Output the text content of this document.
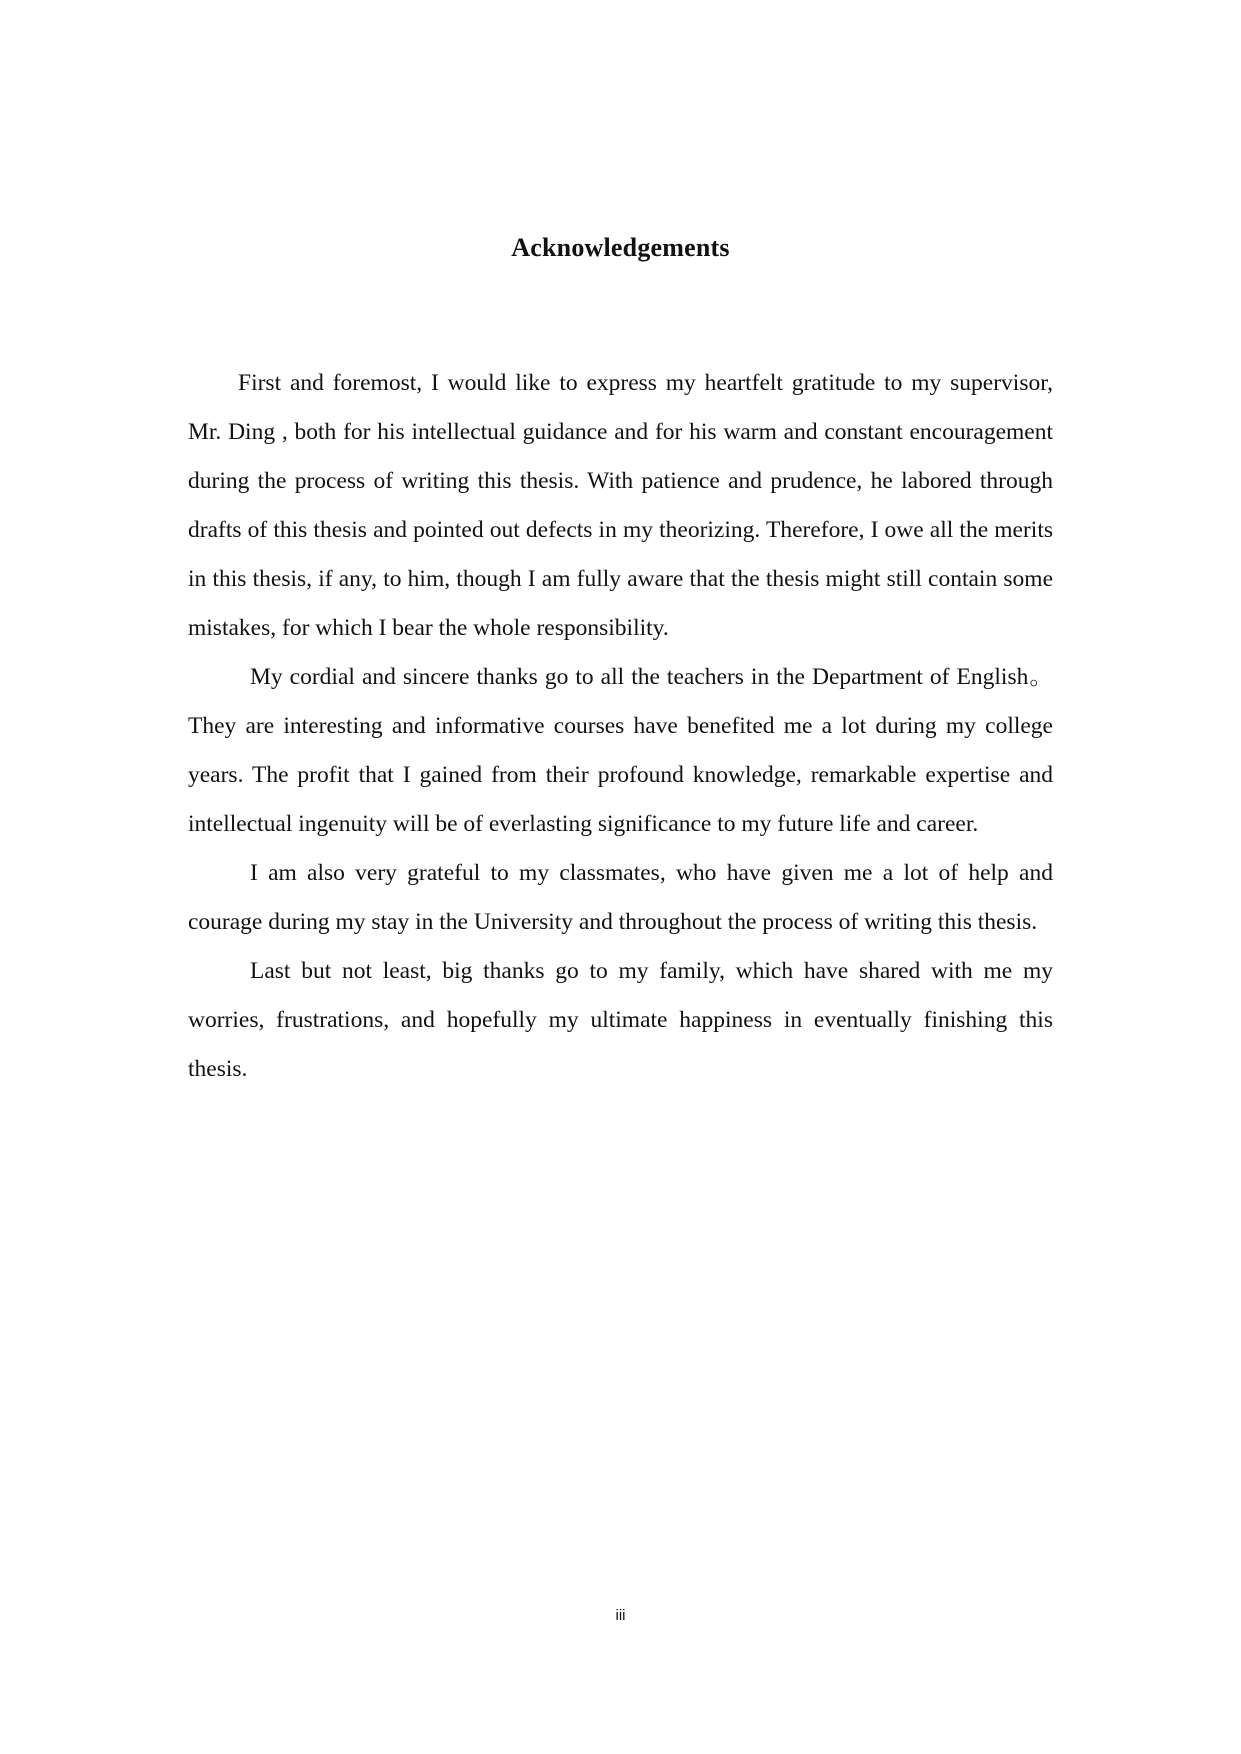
Acknowledgements

First and foremost, I would like to express my heartfelt gratitude to my supervisor, Mr. Ding , both for his intellectual guidance and for his warm and constant encouragement during the process of writing this thesis. With patience and prudence, he labored through drafts of this thesis and pointed out defects in my theorizing. Therefore, I owe all the merits in this thesis, if any, to him, though I am fully aware that the thesis might still contain some mistakes, for which I bear the whole responsibility.

My cordial and sincere thanks go to all the teachers in the Department of English。 They are interesting and informative courses have benefited me a lot during my college years. The profit that I gained from their profound knowledge, remarkable expertise and intellectual ingenuity will be of everlasting significance to my future life and career.

I am also very grateful to my classmates, who have given me a lot of help and courage during my stay in the University and throughout the process of writing this thesis.

Last but not least, big thanks go to my family, which have shared with me my worries, frustrations, and hopefully my ultimate happiness in eventually finishing this thesis.

iii
